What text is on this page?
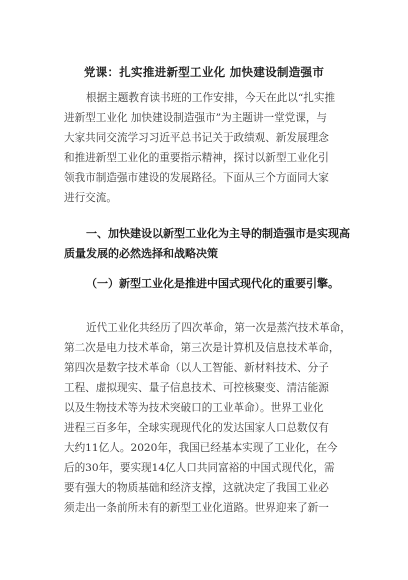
党课：扎实推进新型工业化 加快建设制造强市
根据主题教育读书班的工作安排，今天在此以“扎实推
进新型工业化 加快建设制造强市”为主题讲一堂党课，与
大家共同交流学习习近平总书记关于政绩观、新发展理念
和推进新型工业化的重要指示精神，探讨以新型工业化引
领我市制造强市建设的发展路径。下面从三个方面同大家
进行交流。
一、加快建设以新型工业化为主导的制造强市是实现高
质量发展的必然选择和战略决策
（一）新型工业化是推进中国式现代化的重要引擎。
近代工业化共经历了四次革命，第一次是蒸汽技术革命，
第二次是电力技术革命，第三次是计算机及信息技术革命，
第四次是数字技术革命（以人工智能、新材料技术、分子
工程、虚拟现实、量子信息技术、可控核聚变、清洁能源
以及生物技术等为技术突破口的工业革命）。世界工业化
进程三百多年，全球实现现代化的发达国家人口总数仅有
大约11亿人。2020年，我国已经基本实现了工业化，在今
后的30年，要实现14亿人口共同富裕的中国式现代化，需
要有强大的物质基础和经济支撑，这就决定了我国工业必
须走出一条前所未有的新型工业化道路。世界迎来了新一
